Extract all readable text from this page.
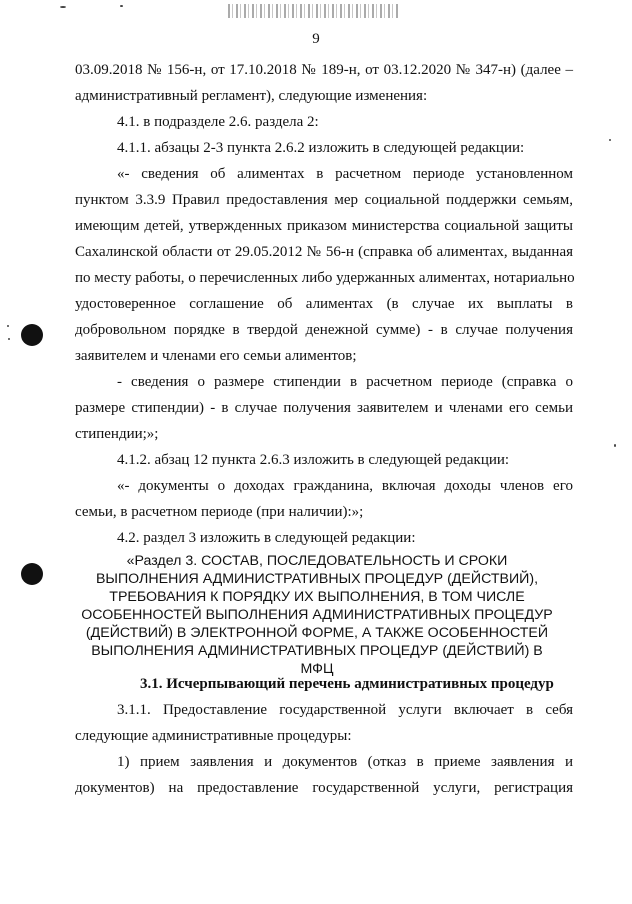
9
03.09.2018 № 156-н, от 17.10.2018 № 189-н, от 03.12.2020 № 347-н) (далее –
административный регламент), следующие изменения:
4.1. в подразделе 2.6. раздела 2:
4.1.1. абзацы 2-3 пункта 2.6.2 изложить в следующей редакции:
«- сведения об алиментах в расчетном периоде установленном
пунктом 3.3.9 Правил предоставления мер социальной поддержки семьям,
имеющим детей, утвержденных приказом министерства социальной защиты
Сахалинской области от 29.05.2012 № 56-н (справка об алиментах, выданная
по месту работы, о перечисленных либо удержанных алиментах, нотариально
удостоверенное соглашение об алиментах (в случае их выплаты в
добровольном порядке в твердой денежной сумме) - в случае получения
заявителем и членами его семьи алиментов;
- сведения о размере стипендии в расчетном периоде (справка о
размере стипендии) - в случае получения заявителем и членами его семьи
стипендии;»;
4.1.2. абзац 12 пункта 2.6.3 изложить в следующей редакции:
«- документы о доходах гражданина, включая доходы членов его
семьи, в расчетном периоде (при наличии):»;
4.2. раздел 3 изложить в следующей редакции:
«Раздел 3. СОСТАВ, ПОСЛЕДОВАТЕЛЬНОСТЬ И СРОКИ
ВЫПОЛНЕНИЯ АДМИНИСТРАТИВНЫХ ПРОЦЕДУР (ДЕЙСТВИЙ),
ТРЕБОВАНИЯ К ПОРЯДКУ ИХ ВЫПОЛНЕНИЯ, В ТОМ ЧИСЛЕ
ОСОБЕННОСТЕЙ ВЫПОЛНЕНИЯ АДМИНИСТРАТИВНЫХ ПРОЦЕДУР
(ДЕЙСТВИЙ) В ЭЛЕКТРОННОЙ ФОРМЕ, А ТАКЖЕ ОСОБЕННОСТЕЙ
ВЫПОЛНЕНИЯ АДМИНИСТРАТИВНЫХ ПРОЦЕДУР (ДЕЙСТВИЙ) В
МФЦ
3.1. Исчерпывающий перечень административных процедур
3.1.1. Предоставление государственной услуги включает в себя
следующие административные процедуры:
1) прием заявления и документов (отказ в приеме заявления и
документов) на предоставление государственной услуги, регистрация
